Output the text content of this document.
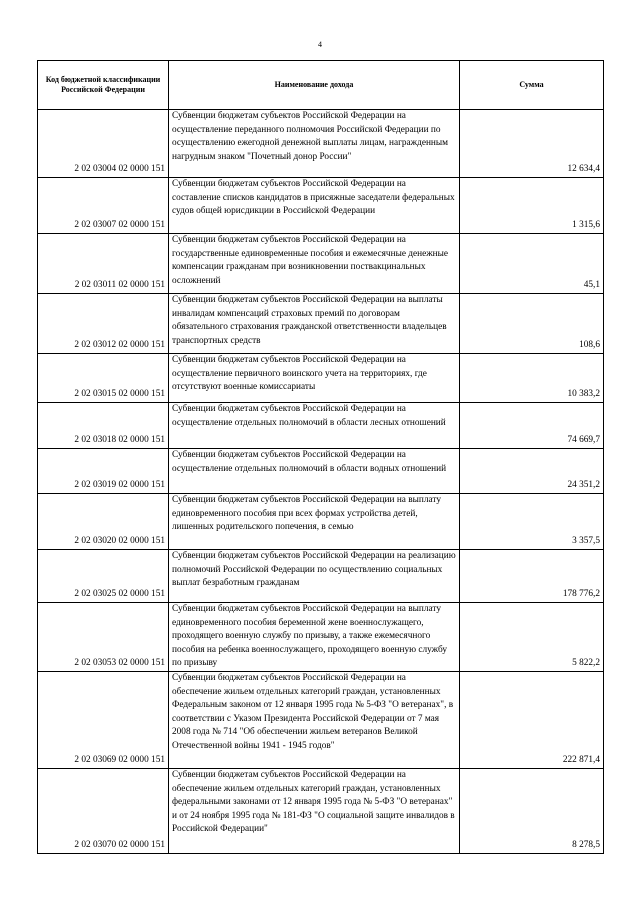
4
Код бюджетной классификации Российской Федерации	Наименование дохода	Сумма
2 02 03004 02 0000 151	Субвенции бюджетам субъектов Российской Федерации на осуществление переданного полномочия Российской Федерации по осуществлению ежегодной денежной выплаты лицам, награжденным нагрудным знаком "Почетный донор России"	12 634,4
2 02 03007 02 0000 151	Субвенции бюджетам субъектов Российской Федерации на составление списков кандидатов в присяжные заседатели федеральных судов общей юрисдикции в Российской Федерации	1 315,6
2 02 03011 02 0000 151	Субвенции бюджетам субъектов Российской Федерации на государственные единовременные пособия и ежемесячные денежные компенсации гражданам при возникновении поствакцинальных осложнений	45,1
2 02 03012 02 0000 151	Субвенции бюджетам субъектов Российской Федерации на выплаты инвалидам компенсаций страховых премий по договорам обязательного страхования гражданской ответственности владельцев транспортных средств	108,6
2 02 03015 02 0000 151	Субвенции бюджетам субъектов Российской Федерации на осуществление первичного воинского учета на территориях, где отсутствуют военные комиссариаты	10 383,2
2 02 03018 02 0000 151	Субвенции бюджетам субъектов Российской Федерации на осуществление отдельных полномочий в области лесных отношений	74 669,7
2 02 03019 02 0000 151	Субвенции бюджетам субъектов Российской Федерации на осуществление отдельных полномочий в области водных отношений	24 351,2
2 02 03020 02 0000 151	Субвенции бюджетам субъектов Российской Федерации на выплату единовременного пособия при всех формах устройства детей, лишенных родительского попечения, в семью	3 357,5
2 02 03025 02 0000 151	Субвенции бюджетам субъектов Российской Федерации на реализацию полномочий Российской Федерации по осуществлению социальных выплат безработным гражданам	178 776,2
2 02 03053 02 0000 151	Субвенции бюджетам субъектов Российской Федерации на выплату единовременного пособия беременной жене военнослужащего, проходящего военную службу по призыву, а также ежемесячного пособия на ребенка военнослужащего, проходящего военную службу по призыву	5 822,2
2 02 03069 02 0000 151	Субвенции бюджетам субъектов Российской Федерации на обеспечение жильем отдельных категорий граждан, установленных Федеральным законом от 12 января 1995 года № 5-ФЗ "О ветеранах", в соответствии с Указом Президента Российской Федерации от 7 мая 2008 года № 714 "Об обеспечении жильем ветеранов Великой Отечественной войны 1941 - 1945 годов"	222 871,4
2 02 03070 02 0000 151	Субвенции бюджетам субъектов Российской Федерации на обеспечение жильем отдельных категорий граждан, установленных федеральными законами от 12 января 1995 года № 5-ФЗ "О ветеранах" и от 24 ноября 1995 года № 181-ФЗ "О социальной защите инвалидов в Российской Федерации"	8 278,5
